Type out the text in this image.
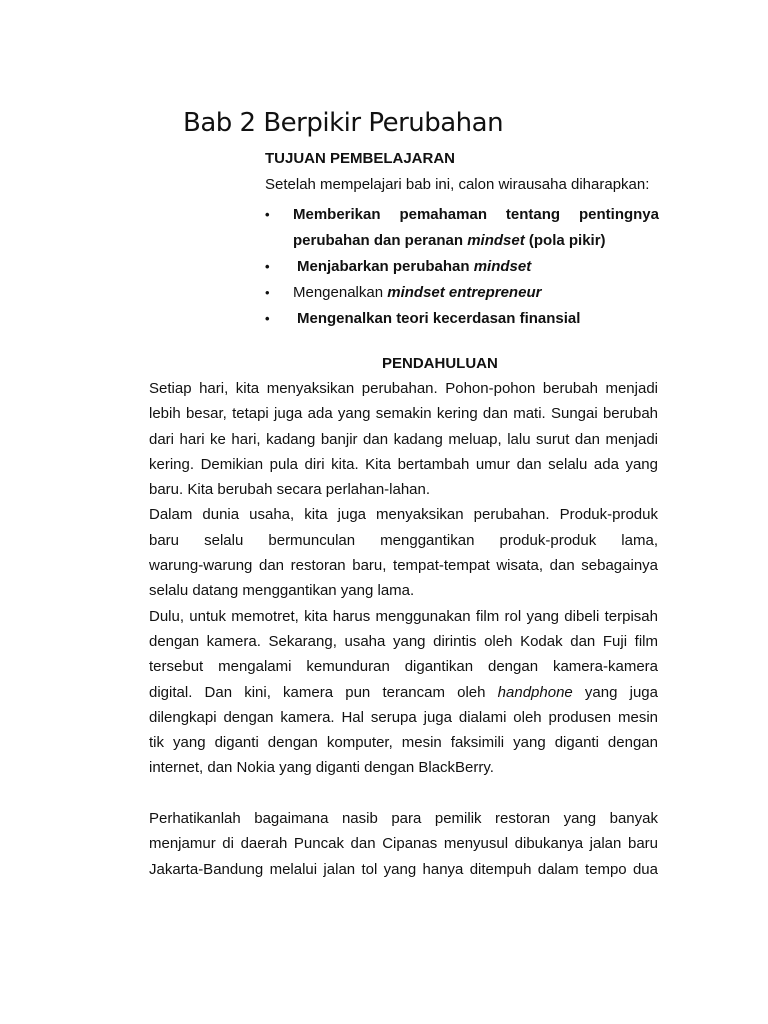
Bab 2 Berpikir Perubahan
TUJUAN PEMBELAJARAN
Setelah mempelajari bab ini, calon wirausaha diharapkan:
• Memberikan pemahaman tentang pentingnya
perubahan dan peranan mindset (pola pikir)
• Menjabarkan perubahan mindset
• Mengenalkan mindset entrepreneur
• Mengenalkan teori kecerdasan finansial
PENDAHULUAN
Setiap hari, kita menyaksikan perubahan. Pohon-pohon berubah menjadi
lebih besar, tetapi juga ada yang semakin kering dan mati. Sungai berubah
dari hari ke hari, kadang banjir dan kadang meluap, lalu surut dan menjadi
kering. Demikian pula diri kita. Kita bertambah umur dan selalu ada yang
baru. Kita berubah secara perlahan-lahan.
Dalam dunia usaha, kita juga menyaksikan perubahan. Produk-produk
baru selalu bermunculan menggantikan produk-produk lama,
warung-warung dan restoran baru, tempat-tempat wisata, dan sebagainya
selalu datang menggantikan yang lama.
Dulu, untuk memotret, kita harus menggunakan film rol yang dibeli terpisah
dengan kamera. Sekarang, usaha yang dirintis oleh Kodak dan Fuji film
tersebut mengalami kemunduran digantikan dengan kamera-kamera
digital. Dan kini, kamera pun terancam oleh handphone yang juga
dilengkapi dengan kamera. Hal serupa juga dialami oleh produsen mesin
tik yang diganti dengan komputer, mesin faksimili yang diganti dengan
internet, dan Nokia yang diganti dengan BlackBerry.
Perhatikanlah bagaimana nasib para pemilik restoran yang banyak
menjamur di daerah Puncak dan Cipanas menyusul dibukanya jalan baru
Jakarta-Bandung melalui jalan tol yang hanya ditempuh dalam tempo dua
